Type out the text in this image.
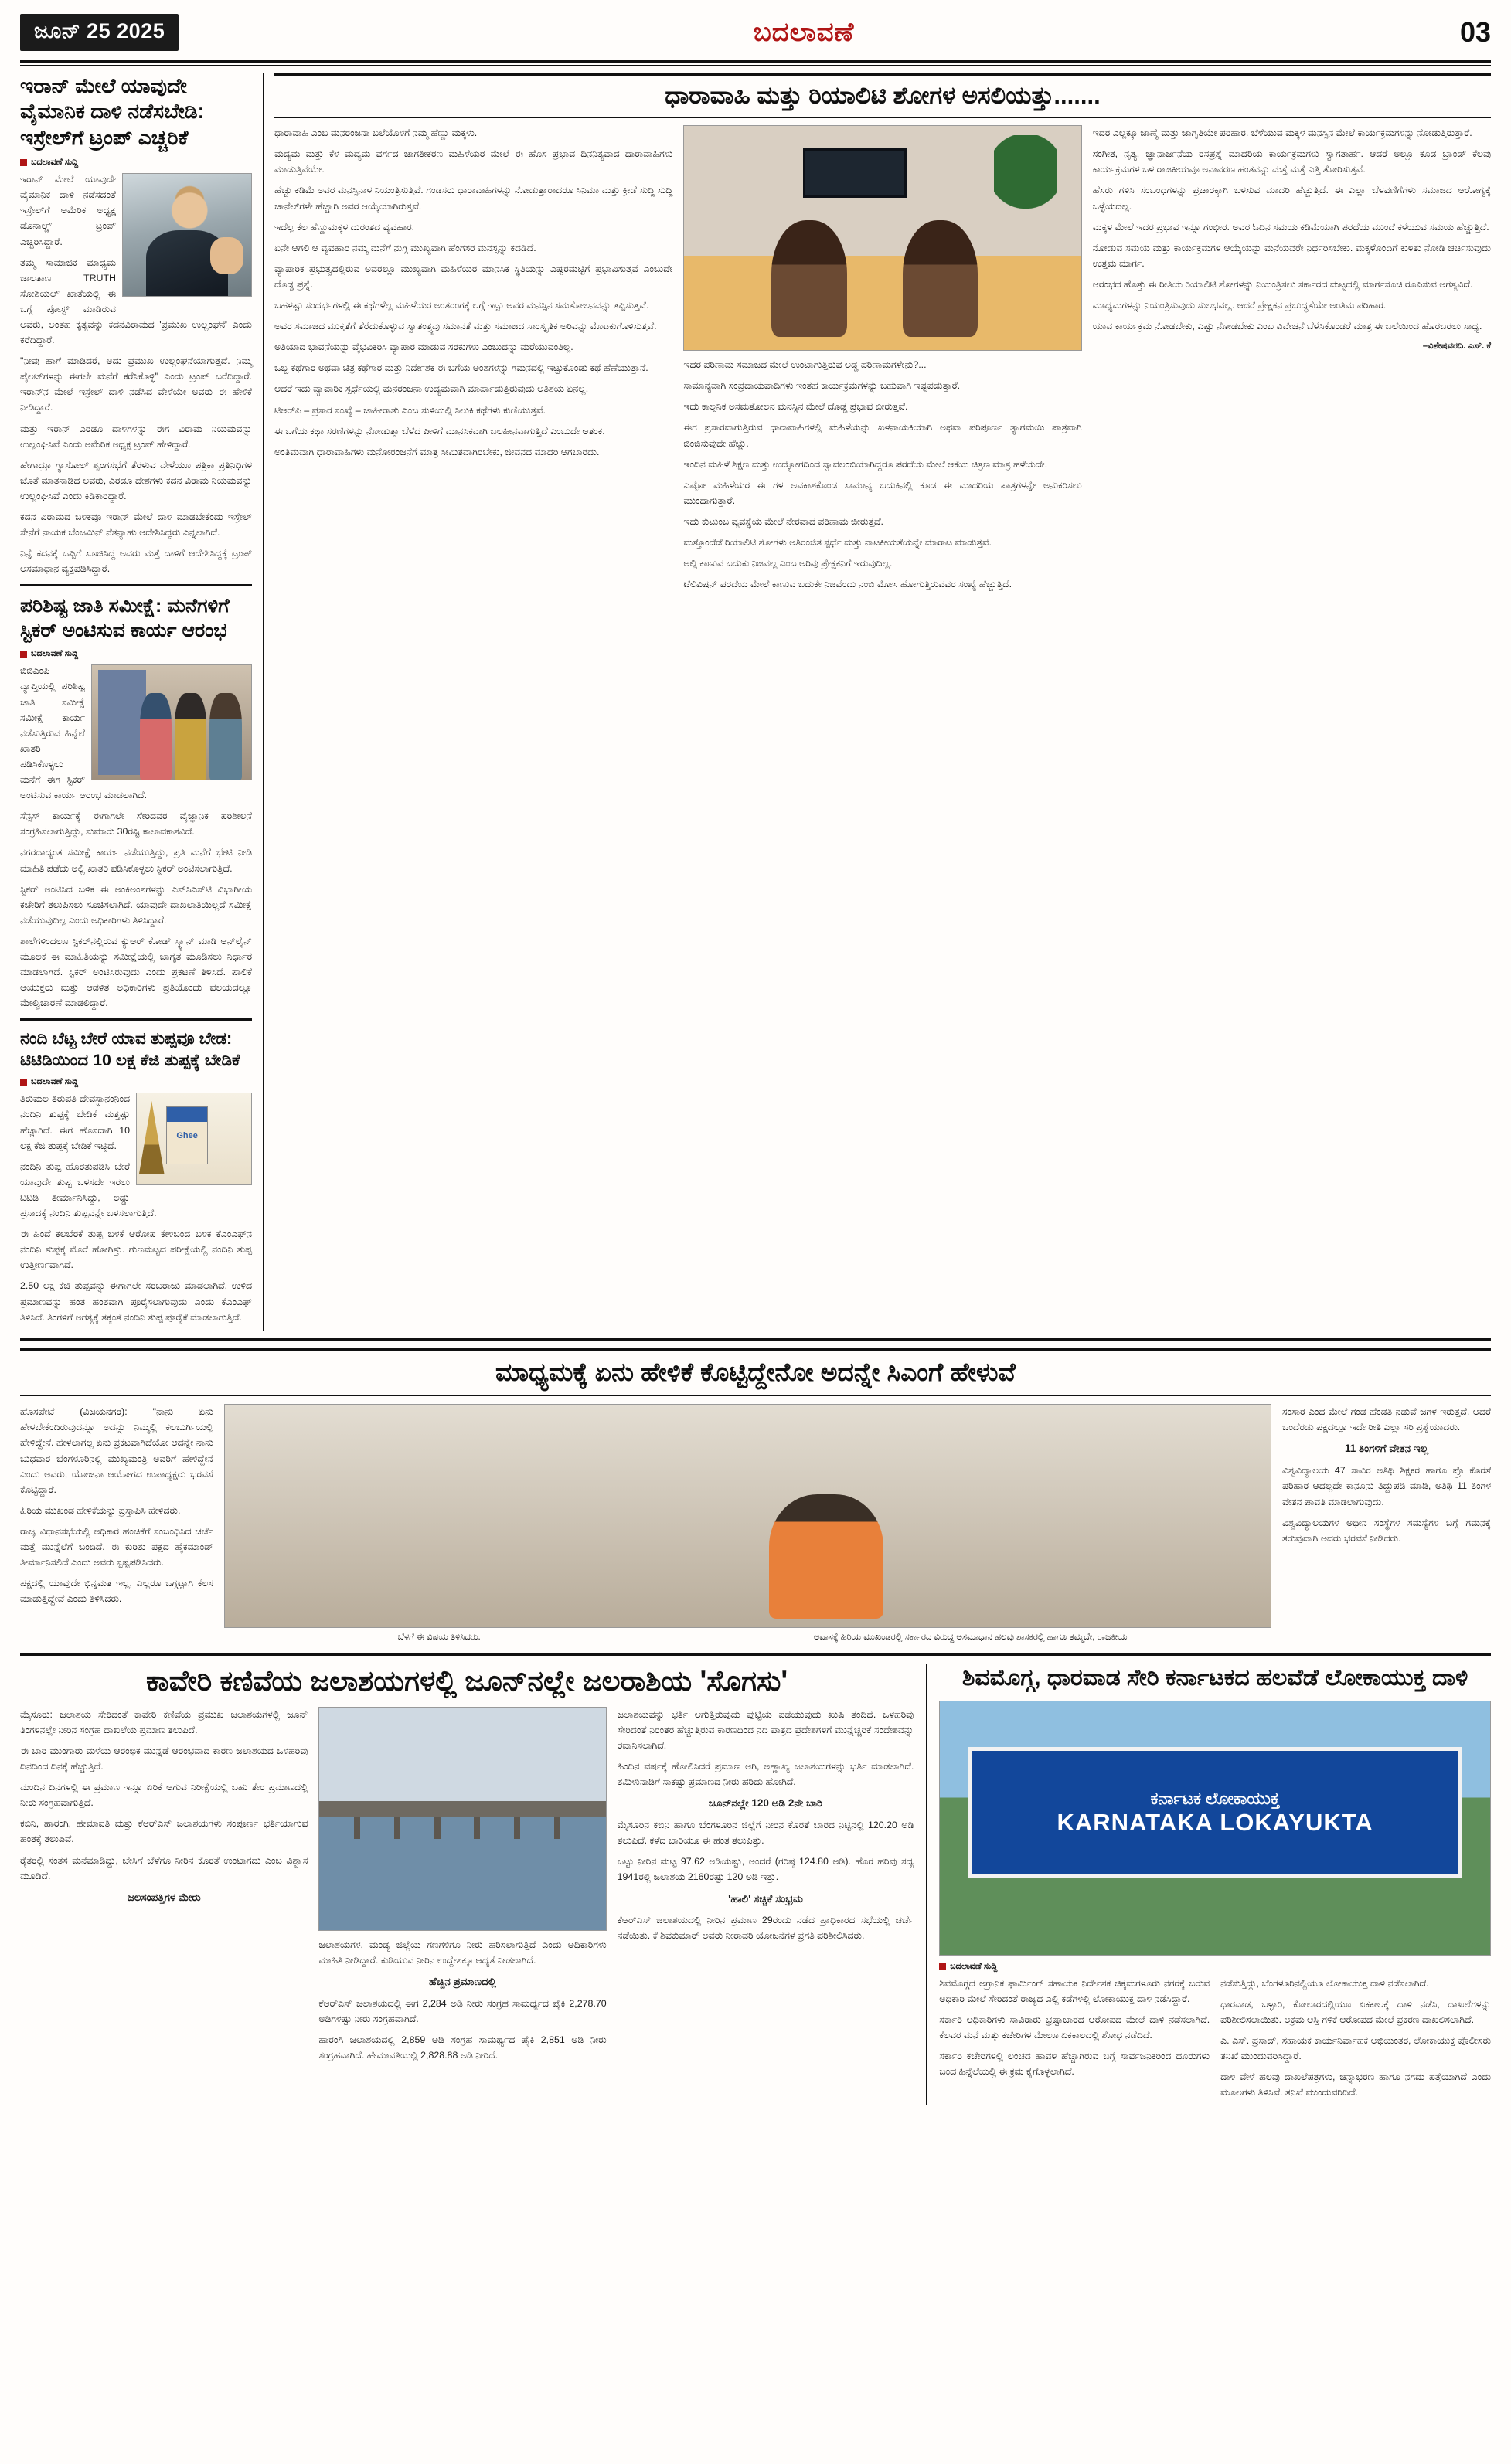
ಜೂನ್ 25 2025	ಬದಲಾವಣೆ	03
ಇರಾನ್ ಮೇಲೆ ಯಾವುದೇ ವೈಮಾನಿಕ ದಾಳಿ ನಡೆಸಬೇಡಿ: ಇಸ್ರೇಲ್‌ಗೆ ಟ್ರಂಪ್ ಎಚ್ಚರಿಕೆ
ಬದಲಾವಣೆ ಸುದ್ದಿ

ಇರಾನ್ ಮೇಲೆ ಯಾವುದೇ ವೈಮಾನಿಕ ದಾಳಿ ನಡೆಸದಂತೆ ಇಸ್ರೇಲ್‌ಗೆ ಅಮೆರಿಕ ಅಧ್ಯಕ್ಷ ಡೊನಾಲ್ಡ್ ಟ್ರಂಪ್ ಎಚ್ಚರಿಸಿದ್ದಾರೆ.

ತಮ್ಮ ಸಾಮಾಜಿಕ ಮಾಧ್ಯಮ ಜಾಲತಾಣ TRUTH ಸೋಶಿಯಲ್ ಖಾತೆಯಲ್ಲಿ ಈ ಬಗ್ಗೆ ಪೋಸ್ಟ್ ಮಾಡಿರುವ ಅವರು, ಅಂತಹ ಕೃತ್ಯವನ್ನು ಕದನವಿರಾಮದ 'ಪ್ರಮುಖ ಉಲ್ಲಂಘನೆ' ಎಂದು ಕರೆದಿದ್ದಾರೆ.

"ನೀವು ಹಾಗೆ ಮಾಡಿದರೆ, ಅದು ಪ್ರಮುಖ ಉಲ್ಲಂಘನೆಯಾಗುತ್ತದೆ. ನಿಮ್ಮ ಪೈಲಟ್‌ಗಳನ್ನು ಈಗಲೇ ಮನೆಗೆ ಕರೆಸಿಕೊಳ್ಳಿ" ಎಂದು ಟ್ರಂಪ್ ಬರೆದಿದ್ದಾರೆ. ಇರಾನ್‌ನ ಮೇಲೆ ಇಸ್ರೇಲ್ ದಾಳಿ ನಡೆಸಿದ ವೇಳೆಯೇ ಅವರು ಈ ಹೇಳಿಕೆ ನೀಡಿದ್ದಾರೆ.

ಮತ್ತು ಇರಾನ್ ಎರಡೂ ದಾಳಿಗಳನ್ನು ಈಗ ವಿರಾಮ ನಿಯಮವನ್ನು ಉಲ್ಲಂಘಿಸಿವೆ ಎಂದು ಅಮೆರಿಕ ಅಧ್ಯಕ್ಷ ಟ್ರಂಪ್ ಹೇಳಿದ್ದಾರೆ.

ಹೇಗಾದ್ರೂ ಗ್ಯಾಸೋಲ್ ಶೃಂಗಸಭೆಗೆ ತೆರಳುವ ವೇಳೆಯೂ ಪತ್ರಿಕಾ ಪ್ರತಿನಿಧಿಗಳ ಜೊತೆ ಮಾತನಾಡಿದ ಅವರು, ಎರಡೂ ದೇಶಗಳು ಕದನ ವಿರಾಮ ನಿಯಮವನ್ನು ಉಲ್ಲಂಘಿಸಿವೆ ಎಂದು ಕಿಡಿಕಾರಿದ್ದಾರೆ.

ಕದನ ವಿರಾಮದ ಬಳಿಕವೂ ಇರಾನ್ ಮೇಲೆ ದಾಳಿ ಮಾಡಬೇಕೆಂದು ಇಸ್ರೇಲ್ ಸೇನೆಗೆ ನಾಯಕ ಬೆಂಜಮಿನ್ ನೆತನ್ಯಾಹು ಆದೇಶಿಸಿದ್ದರು ಎನ್ನಲಾಗಿದೆ.

ನಿನ್ನೆ ಕದನಕ್ಕೆ ಒಪ್ಪಿಗೆ ಸೂಚಿಸಿದ್ದ ಅವರು ಮತ್ತೆ ದಾಳಿಗೆ ಆದೇಶಿಸಿದ್ದಕ್ಕೆ ಟ್ರಂಪ್ ಅಸಮಾಧಾನ ವ್ಯಕ್ತಪಡಿಸಿದ್ದಾರೆ.

ಪರಿಶಿಷ್ಟ ಜಾತಿ ಸಮೀಕ್ಷೆ: ಮನೆಗಳಿಗೆ ಸ್ಟಿಕರ್ ಅಂಟಿಸುವ ಕಾರ್ಯ ಆರಂಭ
ಬದಲಾವಣೆ ಸುದ್ದಿ

ಬಿಬಿಎಂಪಿ ವ್ಯಾಪ್ತಿಯಲ್ಲಿ ಪರಿಶಿಷ್ಟ ಜಾತಿ ಸಮೀಕ್ಷೆ ಸಮೀಕ್ಷೆ ಕಾರ್ಯ ನಡೆಸುತ್ತಿರುವ ಹಿನ್ನೆಲೆ ಖಾತರಿ ಪಡಿಸಿಕೊಳ್ಳಲು ಮನೆಗೆ ಈಗ ಸ್ಟಿಕರ್ ಅಂಟಿಸುವ ಕಾರ್ಯ ಆರಂಭ ಮಾಡಲಾಗಿದೆ.

ಸೆನ್ಸಸ್ ಕಾರ್ಯಕ್ಕೆ ಈಗಾಗಲೇ ಸೇರಿದವರ ವೈಜ್ಞಾನಿಕ ಪರಿಶೀಲನೆ ಸಂಗ್ರಹಿಸಲಾಗುತ್ತಿದ್ದು, ಸುಮಾರು 30ರಷ್ಟಿ ಕಾಲಾವಕಾಶವಿದೆ.

ನಗರದಾದ್ಯಂತ ಸಮೀಕ್ಷೆ ಕಾರ್ಯ ನಡೆಯುತ್ತಿದ್ದು, ಪ್ರತಿ ಮನೆಗೆ ಭೇಟಿ ನೀಡಿ ಮಾಹಿತಿ ಪಡೆದು ಅಲ್ಲಿ ಖಾತರಿ ಪಡಿಸಿಕೊಳ್ಳಲು ಸ್ಟಿಕರ್ ಅಂಟಿಸಲಾಗುತ್ತಿದೆ.

ಸ್ಟಿಕರ್ ಅಂಟಿಸಿದ ಬಳಿಕ ಈ ಅಂಕಿಅಂಶಗಳನ್ನು ಎಸ್‌ಸಿಎಸ್‌ಟಿ ವಿಭಾಗೀಯ ಕಚೇರಿಗೆ ತಲುಪಿಸಲು ಸೂಚಿಸಲಾಗಿದೆ. ಯಾವುದೇ ದಾಖಲಾತಿಯಿಲ್ಲದೆ ಸಮೀಕ್ಷೆ ನಡೆಯುವುದಿಲ್ಲ ಎಂದು ಅಧಿಕಾರಿಗಳು ತಿಳಿಸಿದ್ದಾರೆ.

ಶಾಲೆಗಳಿಂದಲೂ ಸ್ಟಿಕರ್‌ನಲ್ಲಿರುವ ಕ್ಯುಆರ್ ಕೋಡ್ ಸ್ಕ್ಯಾನ್ ಮಾಡಿ ಆನ್‌ಲೈನ್ ಮೂಲಕ ಈ ಮಾಹಿತಿಯನ್ನು ಸಮೀಕ್ಷೆಯಲ್ಲಿ ಜಾಗೃತ ಮೂಡಿಸಲು ನಿರ್ಧಾರ ಮಾಡಲಾಗಿದೆ. ಸ್ಟಿಕರ್ ಅಂಟಿಸಿರುವುದು ಎಂದು ಪ್ರಕಟಣೆ ತಿಳಿಸಿದೆ. ಪಾಲಿಕೆ ಆಯುಕ್ತರು ಮತ್ತು ಆಡಳಿತ ಅಧಿಕಾರಿಗಳು ಪ್ರತಿಯೊಂದು ವಲಯದಲ್ಲೂ ಮೇಲ್ವಿಚಾರಣೆ ಮಾಡಲಿದ್ದಾರೆ.

ನಂದಿ ಬೆಟ್ಟ ಬೇರೆ ಯಾವ ತುಪ್ಪವೂ ಬೇಡ: ಟಿಟಿಡಿಯಿಂದ 10 ಲಕ್ಷ ಕೆಜಿ ತುಪ್ಪಕ್ಕೆ ಬೇಡಿಕೆ
ಬದಲಾವಣೆ ಸುದ್ದಿ
Ghee

ತಿರುಮಲ ತಿರುಪತಿ ದೇವಸ್ಥಾನಂನಿಂದ ನಂದಿನಿ ತುಪ್ಪಕ್ಕೆ ಬೇಡಿಕೆ ಮತ್ತಷ್ಟು ಹೆಚ್ಚಾಗಿದೆ. ಈಗ ಹೊಸದಾಗಿ 10 ಲಕ್ಷ ಕೆಜಿ ತುಪ್ಪಕ್ಕೆ ಬೇಡಿಕೆ ಇಟ್ಟಿದೆ.

ನಂದಿನಿ ತುಪ್ಪ ಹೊರತುಪಡಿಸಿ ಬೇರೆ ಯಾವುದೇ ತುಪ್ಪ ಬಳಸದೇ ಇರಲು ಟಿಟಿಡಿ ತೀರ್ಮಾನಿಸಿದ್ದು, ಲಡ್ಡು ಪ್ರಸಾದಕ್ಕೆ ನಂದಿನಿ ತುಪ್ಪವನ್ನೇ ಬಳಸಲಾಗುತ್ತಿದೆ.

ಈ ಹಿಂದೆ ಕಲಬೆರಕೆ ತುಪ್ಪ ಬಳಕೆ ಆರೋಪ ಕೇಳಿಬಂದ ಬಳಿಕ ಕೆಎಂಎಫ್‌ನ ನಂದಿನಿ ತುಪ್ಪಕ್ಕೆ ಮೊರೆ ಹೋಗಿತ್ತು. ಗುಣಮಟ್ಟದ ಪರೀಕ್ಷೆಯಲ್ಲಿ ನಂದಿನಿ ತುಪ್ಪ ಉತ್ತೀರ್ಣವಾಗಿದೆ.

2.50 ಲಕ್ಷ ಕೆಜಿ ತುಪ್ಪವನ್ನು ಈಗಾಗಲೇ ಸರಬರಾಜು ಮಾಡಲಾಗಿದೆ. ಉಳಿದ ಪ್ರಮಾಣವನ್ನು ಹಂತ ಹಂತವಾಗಿ ಪೂರೈಸಲಾಗುವುದು ಎಂದು ಕೆಎಂಎಫ್ ತಿಳಿಸಿದೆ. ತಿಂಗಳಿಗೆ ಅಗತ್ಯಕ್ಕೆ ತಕ್ಕಂತೆ ನಂದಿನಿ ತುಪ್ಪ ಪೂರೈಕೆ ಮಾಡಲಾಗುತ್ತಿದೆ.

ಧಾರಾವಾಹಿ ಮತ್ತು ರಿಯಾಲಿಟಿ ಶೋಗಳ ಅಸಲಿಯತ್ತು.......

ಧಾರಾವಾಹಿ ಎಂಬ ಮನರಂಜನಾ ಬಲೆಯೊಳಗೆ ನಮ್ಮ ಹೆಣ್ಣು ಮಕ್ಕಳು.

ಮದ್ಯಮ ಮತ್ತು ಕೆಳ ಮದ್ಯಮ ವರ್ಗದ ಜಾಗತೀಕರಣ ಮಹಿಳೆಯರ ಮೇಲೆ ಈ ಹೊಸ ಪ್ರಭಾವ ದಿನನಿತ್ಯವಾದ ಧಾರಾವಾಹಿಗಳು ಮಾಡುತ್ತಿವೆಯೇ.

ಹೆಚ್ಚು ಕಡಿಮೆ ಅವರ ಮನಸ್ಸಿನಾಳ ನಿಯಂತ್ರಿಸುತ್ತಿವೆ. ಗಂಡಸರು ಧಾರಾವಾಹಿಗಳನ್ನು ನೋಡುತ್ತಾರಾದರೂ ಸಿನಿಮಾ ಮತ್ತು ಕ್ರೀಡೆ ಸುದ್ದಿ ಸುದ್ದಿ ಚಾನೆಲ್‌ಗಳೇ ಹೆಚ್ಚಾಗಿ ಅವರ ಆಯ್ಕೆಯಾಗಿರುತ್ತವೆ.

ಇದೆಲ್ಲ ಕೆಲ ಹೆಣ್ಣುಮಕ್ಕಳ ದುರಂತದ ವ್ಯವಹಾರ.

ಏನೇ ಆಗಲಿ ಆ ವ್ಯವಹಾರ ನಮ್ಮ ಮನೆಗೆ ನುಗ್ಗಿ ಮುಖ್ಯವಾಗಿ ಹೆಂಗಸರ ಮನಸ್ಸನ್ನು ಕದಡಿದೆ.

ವ್ಯಾಪಾರಿಕ ಪ್ರಭುತ್ವದಲ್ಲಿರುವ ಅವರಲ್ಲೂ ಮುಖ್ಯವಾಗಿ ಮಹಿಳೆಯರ ಮಾನಸಿಕ ಸ್ಥಿತಿಯನ್ನು ಎಷ್ಟರಮಟ್ಟಿಗೆ ಪ್ರಭಾವಿಸುತ್ತವೆ ಎಂಬುದೇ ದೊಡ್ಡ ಪ್ರಶ್ನೆ.

ಬಹಳಷ್ಟು ಸಂದರ್ಭಗಳಲ್ಲಿ ಈ ಕಥೆಗಳೆಲ್ಲ ಮಹಿಳೆಯರ ಅಂತರಂಗಕ್ಕೆ ಲಗ್ಗೆ ಇಟ್ಟು ಅವರ ಮನಸ್ಸಿನ ಸಮತೋಲನವನ್ನು ತಪ್ಪಿಸುತ್ತವೆ.

ಅವರ ಸಮಾಜದ ಮುಕ್ತತೆಗೆ ತೆರೆದುಕೊಳ್ಳುವ ಸ್ವಾತಂತ್ರ್ಯವು ಸಮಾನತೆ ಮತ್ತು ಸಮಾಜದ ಸಾಂಸ್ಕೃತಿಕ ಅರಿವನ್ನು ಮೊಟಕುಗೊಳಿಸುತ್ತವೆ.

ಅತಿಯಾದ ಭಾವನೆಯನ್ನು ವೈಭವಿಕರಿಸಿ ವ್ಯಾಪಾರ ಮಾಡುವ ಸರಕುಗಳು ಎಂಬುದನ್ನು ಮರೆಯುವಂತಿಲ್ಲ.

ಒಬ್ಬ ಕಥೆಗಾರ ಅಥವಾ ಚಿತ್ರ ಕಥೆಗಾರ ಮತ್ತು ನಿರ್ದೇಶಕ ಈ ಬಗೆಯ ಅಂಶಗಳನ್ನು ಗಮನದಲ್ಲಿ ಇಟ್ಟುಕೊಂಡು ಕಥೆ ಹೆಣೆಯುತ್ತಾನೆ.

ಆದರೆ ಇದು ವ್ಯಾಪಾರಿಕ ಸ್ಪರ್ಧೆಯಲ್ಲಿ ಮನರಂಜನಾ ಉದ್ಯಮವಾಗಿ ಮಾರ್ಪಾಡುತ್ತಿರುವುದು ಅತಿಶಯ ಏನಲ್ಲ.

ಟಿಆರ್‌ಪಿ – ಪ್ರಸಾರ ಸಂಖ್ಯೆ – ಜಾಹೀರಾತು ಎಂಬ ಸುಳಿಯಲ್ಲಿ ಸಿಲುಕಿ ಕಥೆಗಳು ಕುಣಿಯುತ್ತವೆ.

ಈ ಬಗೆಯ ಕಥಾ ಸರಣಿಗಳನ್ನು ನೋಡುತ್ತಾ ಬೆಳೆದ ಪೀಳಿಗೆ ಮಾನಸಿಕವಾಗಿ ಬಲಹೀನವಾಗುತ್ತಿದೆ ಎಂಬುದೇ ಆತಂಕ.

ಅಂತಿಮವಾಗಿ ಧಾರಾವಾಹಿಗಳು ಮನೋರಂಜನೆಗೆ ಮಾತ್ರ ಸೀಮಿತವಾಗಿರಬೇಕು, ಜೀವನದ ಮಾದರಿ ಆಗಬಾರದು.

ಇದರ ಪರಿಣಾಮ ಸಮಾಜದ ಮೇಲೆ ಉಂಟಾಗುತ್ತಿರುವ ಅಡ್ಡ ಪರಿಣಾಮಗಳೇನು?...

ಸಾಮಾನ್ಯವಾಗಿ ಸಂಪ್ರದಾಯವಾದಿಗಳು ಇಂತಹ ಕಾರ್ಯಕ್ರಮಗಳನ್ನು ಬಹುವಾಗಿ ಇಷ್ಟಪಡುತ್ತಾರೆ.

ಇದು ಕಾಲ್ಪನಿಕ ಅಸಮತೋಲನ ಮನಸ್ಸಿನ ಮೇಲೆ ದೊಡ್ಡ ಪ್ರಭಾವ ಬೀರುತ್ತವೆ.

ಈಗ ಪ್ರಸಾರವಾಗುತ್ತಿರುವ ಧಾರಾವಾಹಿಗಳಲ್ಲಿ ಮಹಿಳೆಯನ್ನು ಖಳನಾಯಕಿಯಾಗಿ ಅಥವಾ ಪರಿಪೂರ್ಣ ತ್ಯಾಗಮಯಿ ಪಾತ್ರವಾಗಿ ಬಿಂಬಿಸುವುದೇ ಹೆಚ್ಚು.

ಇಂದಿನ ಮಹಿಳೆ ಶಿಕ್ಷಣ ಮತ್ತು ಉದ್ಯೋಗದಿಂದ ಸ್ವಾವಲಂಬಿಯಾಗಿದ್ದರೂ ಪರದೆಯ ಮೇಲೆ ಆಕೆಯ ಚಿತ್ರಣ ಮಾತ್ರ ಹಳೆಯದೇ.

ಎಷ್ಟೋ ಮಹಿಳೆಯರ ಈ ಗಳ ಅವಕಾಶಕೊಂಡ ಸಾಮಾನ್ಯ ಬದುಕಿನಲ್ಲಿ ಕೂಡ ಈ ಮಾದರಿಯ ಪಾತ್ರಗಳನ್ನೇ ಅನುಕರಿಸಲು ಮುಂದಾಗುತ್ತಾರೆ.

ಇದು ಕುಟುಂಬ ವ್ಯವಸ್ಥೆಯ ಮೇಲೆ ನೇರವಾದ ಪರಿಣಾಮ ಬೀರುತ್ತದೆ.

ಮತ್ತೊಂದೆಡೆ ರಿಯಾಲಿಟಿ ಶೋಗಳು ಅತಿರಂಜಿತ ಸ್ಪರ್ಧೆ ಮತ್ತು ನಾಟಕೀಯತೆಯನ್ನೇ ಮಾರಾಟ ಮಾಡುತ್ತವೆ.

ಅಲ್ಲಿ ಕಾಣುವ ಬದುಕು ನಿಜವಲ್ಲ ಎಂಬ ಅರಿವು ಪ್ರೇಕ್ಷಕನಿಗೆ ಇರುವುದಿಲ್ಲ.

ಟೆಲಿವಿಷನ್ ಪರದೆಯ ಮೇಲೆ ಕಾಣುವ ಬದುಕೇ ನಿಜವೆಂದು ನಂಬಿ ಮೋಸ ಹೋಗುತ್ತಿರುವವರ ಸಂಖ್ಯೆ ಹೆಚ್ಚುತ್ತಿದೆ.

ಇದರ ಎಲ್ಲಕ್ಕೂ ಜಾಣ್ಮೆ ಮತ್ತು ಜಾಗೃತಿಯೇ ಪರಿಹಾರ. ಬೆಳೆಯುವ ಮಕ್ಕಳ ಮನಸ್ಸಿನ ಮೇಲೆ ಕಾರ್ಯಕ್ರಮಗಳನ್ನು ನೋಡುತ್ತಿರುತ್ತಾರೆ.

ಸಂಗೀತ, ನೃತ್ಯ, ಜ್ಞಾನಾರ್ಜನೆಯ ರಸಪ್ರಶ್ನೆ ಮಾದರಿಯ ಕಾರ್ಯಕ್ರಮಗಳು ಸ್ವಾಗತಾರ್ಹ. ಆದರೆ ಅಲ್ಲೂ ಕೂಡ ಬ್ರಾಂಡ್ ಕೆಲವು ಕಾರ್ಯಕ್ರಮಗಳ ಒಳ ರಾಜಕೀಯವೂ ಅನಾವರಣ ಹಂತವನ್ನು ಮತ್ತೆ ಮತ್ತೆ ಎತ್ತಿ ತೋರಿಸುತ್ತವೆ.

ಹೆಸರು ಗಳಿಸಿ ಸಂಬಂಧಗಳನ್ನು ಪ್ರಚಾರಕ್ಕಾಗಿ ಬಳಸುವ ಮಾದರಿ ಹೆಚ್ಚುತ್ತಿದೆ. ಈ ಎಲ್ಲಾ ಬೆಳವಣಿಗೆಗಳು ಸಮಾಜದ ಆರೋಗ್ಯಕ್ಕೆ ಒಳ್ಳೆಯದಲ್ಲ.

ಮಕ್ಕಳ ಮೇಲೆ ಇದರ ಪ್ರಭಾವ ಇನ್ನೂ ಗಂಭೀರ. ಅವರ ಓದಿನ ಸಮಯ ಕಡಿಮೆಯಾಗಿ ಪರದೆಯ ಮುಂದೆ ಕಳೆಯುವ ಸಮಯ ಹೆಚ್ಚುತ್ತಿದೆ.

ನೋಡುವ ಸಮಯ ಮತ್ತು ಕಾರ್ಯಕ್ರಮಗಳ ಆಯ್ಕೆಯನ್ನು ಮನೆಯವರೇ ನಿರ್ಧರಿಸಬೇಕು. ಮಕ್ಕಳೊಂದಿಗೆ ಕುಳಿತು ನೋಡಿ ಚರ್ಚಿಸುವುದು ಉತ್ತಮ ಮಾರ್ಗ.

ಆರಂಭದ ಹೊತ್ತು ಈ ರೀತಿಯ ರಿಯಾಲಿಟಿ ಶೋಗಳನ್ನು ನಿಯಂತ್ರಿಸಲು ಸರ್ಕಾರದ ಮಟ್ಟದಲ್ಲಿ ಮಾರ್ಗಸೂಚಿ ರೂಪಿಸುವ ಅಗತ್ಯವಿದೆ.

ಮಾಧ್ಯಮಗಳನ್ನು ನಿಯಂತ್ರಿಸುವುದು ಸುಲಭವಲ್ಲ. ಆದರೆ ಪ್ರೇಕ್ಷಕನ ಪ್ರಬುದ್ಧತೆಯೇ ಅಂತಿಮ ಪರಿಹಾರ.

ಯಾವ ಕಾರ್ಯಕ್ರಮ ನೋಡಬೇಕು, ಎಷ್ಟು ನೋಡಬೇಕು ಎಂಬ ವಿವೇಚನೆ ಬೆಳೆಸಿಕೊಂಡರೆ ಮಾತ್ರ ಈ ಬಲೆಯಿಂದ ಹೊರಬರಲು ಸಾಧ್ಯ.

–ವಿಶೇಷವರದಿ. ಎಸ್. ಕೆ
ಮಾಧ್ಯಮಕ್ಕೆ ಏನು ಹೇಳಿಕೆ ಕೊಟ್ಟಿದ್ದೇನೋ ಅದನ್ನೇ ಸಿಎಂಗೆ ಹೇಳುವೆ

ಹೊಸಪೇಟೆ (ವಿಜಯನಗರ): "ನಾನು ಏನು ಹೇಳಬೇಕೆಂದಿರುವುದನ್ನೂ ಅದನ್ನು ನಿಮ್ಮಲ್ಲಿ ಕಲಬುರ್ಗಿಯಲ್ಲಿ ಹೇಳಿದ್ದೇನೆ. ಹೇಳಲಾಗಲ್ಲ ಏನು ಪ್ರಕಟವಾಗಿದೆಯೋ ಆದನ್ನೇ ನಾನು ಬುಧವಾರ ಬೆಂಗಳೂರಿನಲ್ಲಿ ಮುಖ್ಯಮಂತ್ರಿ ಅವರಿಗೆ ಹೇಳಿದ್ದೇನೆ ಎಂದು ಅವರು, ಯೋಜನಾ ಆಯೋಗದ ಉಪಾಧ್ಯಕ್ಷರು ಭರವಸೆ ಕೊಟ್ಟಿದ್ದಾರೆ.

ಹಿರಿಯ ಮುಖಂಡ ಹೇಳಿಕೆಯನ್ನು ಪ್ರಸ್ತಾಪಿಸಿ ಹೇಳಿದರು.

ರಾಜ್ಯ ವಿಧಾನಸಭೆಯಲ್ಲಿ ಅಧಿಕಾರ ಹಂಚಿಕೆಗೆ ಸಂಬಂಧಿಸಿದ ಚರ್ಚೆ ಮತ್ತೆ ಮುನ್ನೆಲೆಗೆ ಬಂದಿದೆ. ಈ ಕುರಿತು ಪಕ್ಷದ ಹೈಕಮಾಂಡ್ ತೀರ್ಮಾನಿಸಲಿದೆ ಎಂದು ಅವರು ಸ್ಪಷ್ಟಪಡಿಸಿದರು.

ಪಕ್ಷದಲ್ಲಿ ಯಾವುದೇ ಭಿನ್ನಮತ ಇಲ್ಲ, ಎಲ್ಲರೂ ಒಗ್ಗಟ್ಟಾಗಿ ಕೆಲಸ ಮಾಡುತ್ತಿದ್ದೇವೆ ಎಂದು ತಿಳಿಸಿದರು.

ಬೆಳಗೆ ಈ ವಿಷಯ ತಿಳಿಸಿದರು.	ಆವಾಸಕ್ಕೆ ಹಿರಿಯ ಮುಖಂಡರಲ್ಲಿ ಸರ್ಕಾರದ ವಿರುದ್ಧ ಅಸಮಾಧಾನ ಹಲವು ಶಾಸಕರಲ್ಲಿ ಹಾಗೂ ತಮ್ಮದೇ, ರಾಜಕೀಯ

ಸಂಸಾರ ಎಂದ ಮೇಲೆ ಗಂಡ ಹೆಂಡತಿ ನಡುವೆ ಜಗಳ ಇರುತ್ತದೆ. ಆದರೆ ಒಂದೆರಡು ಪಕ್ಷದಲ್ಲೂ ಇದೇ ರೀತಿ ಎಲ್ಲಾ ಸರಿ ಪ್ರಶ್ನೆಯಾದರು.

11 ತಿಂಗಳಿಗೆ ವೇತನ ಇಲ್ಲ

ವಿಶ್ವವಿದ್ಯಾಲಯ 47 ಸಾವಿರ ಅತಿಥಿ ಶಿಕ್ಷಕರ ಹಾಗೂ ಪ್ರೊ ಕೊರತೆ ಪರಿಹಾರ ಆದಲ್ಲದೇ ಕಾನೂನು ತಿದ್ದುಪಡಿ ಮಾಡಿ, ಅತಿಥಿ 11 ತಿಂಗಳ ವೇತನ ಪಾವತಿ ಮಾಡಲಾಗುವುದು.

ವಿಶ್ವವಿದ್ಯಾಲಯಗಳ ಅಧೀನ ಸಂಸ್ಥೆಗಳ ಸಮಸ್ಯೆಗಳ ಬಗ್ಗೆ ಗಮನಕ್ಕೆ ತರುವುದಾಗಿ ಅವರು ಭರವಸೆ ನೀಡಿದರು.

ಕಾವೇರಿ ಕಣಿವೆಯ ಜಲಾಶಯಗಳಲ್ಲಿ ಜೂನ್‌ನಲ್ಲೇ ಜಲರಾಶಿಯ 'ಸೊಗಸು'

ಮೈಸೂರು: ಜಲಾಶಯ ಸೇರಿದಂತೆ ಕಾವೇರಿ ಕಣಿವೆಯ ಪ್ರಮುಖ ಜಲಾಶಯಗಳಲ್ಲಿ ಜೂನ್ ತಿಂಗಳಿನಲ್ಲೇ ನೀರಿನ ಸಂಗ್ರಹ ದಾಖಲೆಯ ಪ್ರಮಾಣ ತಲುಪಿದೆ.

ಈ ಬಾರಿ ಮುಂಗಾರು ಮಳೆಯ ಆರಂಭಿಕ ಮುನ್ನಡೆ ಆರಂಭವಾದ ಕಾರಣ ಜಲಾಶಯದ ಒಳಹರಿವು ದಿನದಿಂದ ದಿನಕ್ಕೆ ಹೆಚ್ಚುತ್ತಿದೆ.

ಮಂದಿನ ದಿನಗಳಲ್ಲಿ ಈ ಪ್ರಮಾಣ ಇನ್ನೂ ಏರಿಕೆ ಆಗುವ ನಿರೀಕ್ಷೆಯಲ್ಲಿ ಬಹು ತೇರ ಪ್ರಮಾಣದಲ್ಲಿ ನೀರು ಸಂಗ್ರಹವಾಗುತ್ತಿದೆ.

ಕಬಿನಿ, ಹಾರಂಗಿ, ಹೇಮಾವತಿ ಮತ್ತು ಕೆಆರ್‌ಎಸ್ ಜಲಾಶಯಗಳು ಸಂಪೂರ್ಣ ಭರ್ತಿಯಾಗುವ ಹಂತಕ್ಕೆ ತಲುಪಿವೆ.

ರೈತರಲ್ಲಿ ಸಂತಸ ಮನೆಮಾಡಿದ್ದು, ಬೇಸಿಗೆ ಬೆಳೆಗೂ ನೀರಿನ ಕೊರತೆ ಉಂಟಾಗದು ಎಂಬ ವಿಶ್ವಾಸ ಮೂಡಿದೆ.

ಜಲಸಂಪತ್ತಿಗಳ ಮೇರು

ಜಲಾಶಯಗಳ, ಮಂಡ್ಯ ಜಿಲ್ಲೆಯ ಗಣಗಳಿಗೂ ನೀರು ಹರಿಸಲಾಗುತ್ತಿದೆ ಎಂದು ಅಧಿಕಾರಿಗಳು ಮಾಹಿತಿ ನೀಡಿದ್ದಾರೆ. ಕುಡಿಯುವ ನೀರಿನ ಉದ್ದೇಶಕ್ಕೂ ಆದ್ಯತೆ ನೀಡಲಾಗಿದೆ.

ಹೆಚ್ಚಿನ ಪ್ರಮಾಣದಲ್ಲಿ

ಕೆಆರ್‌ಎಸ್ ಜಲಾಶಯದಲ್ಲಿ ಈಗ 2,284 ಅಡಿ ನೀರು ಸಂಗ್ರಹ ಸಾಮರ್ಥ್ಯದ ಪೈಕಿ 2,278.70 ಅಡಿಗಳಷ್ಟು ನೀರು ಸಂಗ್ರಹವಾಗಿದೆ.

ಹಾರಂಗಿ ಜಲಾಶಯದಲ್ಲಿ 2,859 ಅಡಿ ಸಂಗ್ರಹ ಸಾಮರ್ಥ್ಯದ ಪೈಕಿ 2,851 ಅಡಿ ನೀರು ಸಂಗ್ರಹವಾಗಿದೆ. ಹೇಮಾವತಿಯಲ್ಲಿ 2,828.88 ಅಡಿ ನೀರಿದೆ.

ಜಲಾಶಯವನ್ನು ಭರ್ತಿ ಆಗುತ್ತಿರುವುದು ಪುಟ್ಟಿಯ ಪಡೆಯುವುದು ಖುಷಿ ತಂದಿದೆ. ಒಳಹರಿವು ಸೇರಿದಂತೆ ನಿರಂತರ ಹೆಚ್ಚುತ್ತಿರುವ ಕಾರಣದಿಂದ ನದಿ ಪಾತ್ರದ ಪ್ರದೇಶಗಳಿಗೆ ಮುನ್ನೆಚ್ಚರಿಕೆ ಸಂದೇಶವನ್ನು ರವಾನಿಸಲಾಗಿದೆ.

ಹಿಂದಿನ ವರ್ಷಕ್ಕೆ ಹೋಲಿಸಿದರೆ ಪ್ರಮಾಣ ಆಗಿ, ಅಣ್ಣಾಖ್ಯ ಜಲಾಶಯಗಳನ್ನು ಭರ್ತಿ ಮಾಡಲಾಗಿದೆ. ತಮಿಳುನಾಡಿಗೆ ಸಾಕಷ್ಟು ಪ್ರಮಾಣದ ನೀರು ಹರಿದು ಹೋಗಿದೆ.

ಜೂನ್‌ನಲ್ಲೇ 120 ಅಡಿ 2ನೇ ಬಾರಿ

ಮೈಸೂರಿನ ಕಬಿನಿ ಹಾಗೂ ಬೆಂಗಳೂರಿನ ಜಿಲ್ಲೆಗೆ ನೀರಿನ ಕೊರತೆ ಬಾರದ ನಿಟ್ಟಿನಲ್ಲಿ 120.20 ಅಡಿ ತಲುಪಿದೆ. ಕಳೆದ ಬಾರಿಯೂ ಈ ಹಂತ ತಲುಪಿತ್ತು.

ಒಟ್ಟು ನೀರಿನ ಮಟ್ಟ 97.62 ಅಡಿಯಷ್ಟು, ಅಂದರೆ (ಗರಿಷ್ಠ 124.80 ಅಡಿ). ಹೊರ ಹರಿವು ಸದ್ಯ 1941ರಲ್ಲಿ ಜಲಾಶಯ 2160ರಷ್ಟು 120 ಅಡಿ ಇತ್ತು.

'ಹಾಲಿ' ಸಚ್ಚಿಕೆ ಸಂಭ್ರಮ

ಕೆಆರ್‌ಎಸ್ ಜಲಾಶಯದಲ್ಲಿ ನೀರಿನ ಪ್ರಮಾಣ 29ರಂದು ನಡೆದ ಪ್ರಾಧಿಕಾರದ ಸಭೆಯಲ್ಲಿ ಚರ್ಚೆ ನಡೆಯಿತು. ಕೆ ಶಿವಕುಮಾರ್ ಅವರು ನೀರಾವರಿ ಯೋಜನೆಗಳ ಪ್ರಗತಿ ಪರಿಶೀಲಿಸಿದರು.

ಶಿವಮೊಗ್ಗ, ಧಾರವಾಡ ಸೇರಿ ಕರ್ನಾಟಕದ ಹಲವೆಡೆ ಲೋಕಾಯುಕ್ತ ದಾಳಿ
ಕರ್ನಾಟಕ ಲೋಕಾಯುಕ್ತ
KARNATAKA LOKAYUKTA
ಬದಲಾವಣೆ ಸುದ್ದಿ

ಶಿವಮೊಗ್ಗದ ಅಗ್ರಾನಿಕ ಫಾರ್ಮಿಂಗ್ ಸಹಾಯಕ ನಿರ್ದೇಶಕ ಚಿಕ್ಕಮಗಳೂರು ನಗರಕ್ಕೆ ಬರುವ ಅಧಿಕಾರಿ ಮೇಲೆ ಸೇರಿದಂತೆ ರಾಜ್ಯದ ಎಲ್ಲಿ ಕಡೆಗಳಲ್ಲಿ ಲೋಕಾಯುಕ್ತ ದಾಳಿ ನಡೆಸಿದ್ದಾರೆ.

ಸರ್ಕಾರಿ ಅಧಿಕಾರಿಗಳು ಸಾವಿರಾರು ಭ್ರಷ್ಟಾಚಾರದ ಆರೋಪದ ಮೇಲೆ ದಾಳಿ ನಡೆಸಲಾಗಿದೆ. ಕೆಲವರ ಮನೆ ಮತ್ತು ಕಚೇರಿಗಳ ಮೇಲೂ ಏಕಕಾಲದಲ್ಲಿ ಶೋಧ ನಡೆದಿದೆ.

ಸರ್ಕಾರಿ ಕಚೇರಿಗಳಲ್ಲಿ ಲಂಚದ ಹಾವಳಿ ಹೆಚ್ಚಾಗಿರುವ ಬಗ್ಗೆ ಸಾರ್ವಜನಿಕರಿಂದ ದೂರುಗಳು ಬಂದ ಹಿನ್ನೆಲೆಯಲ್ಲಿ ಈ ಕ್ರಮ ಕೈಗೊಳ್ಳಲಾಗಿದೆ.

ನಡೆಸುತ್ತಿದ್ದು, ಬೆಂಗಳೂರಿನಲ್ಲಿಯೂ ಲೋಕಾಯುಕ್ತ ದಾಳಿ ನಡೆಸಲಾಗಿದೆ.

ಧಾರವಾಡ, ಬಳ್ಳಾರಿ, ಕೋಲಾರದಲ್ಲಿಯೂ ಏಕಕಾಲಕ್ಕೆ ದಾಳಿ ನಡೆಸಿ, ದಾಖಲೆಗಳನ್ನು ಪರಿಶೀಲಿಸಲಾಯಿತು. ಅಕ್ರಮ ಆಸ್ತಿ ಗಳಿಕೆ ಆರೋಪದ ಮೇಲೆ ಪ್ರಕರಣ ದಾಖಲಿಸಲಾಗಿದೆ.

ಎ. ಎಸ್. ಪ್ರಸಾದ್, ಸಹಾಯಕ ಕಾರ್ಯನಿರ್ವಾಹಕ ಅಭಿಯಂತರ, ಲೋಕಾಯುಕ್ತ ಪೊಲೀಸರು ತನಿಖೆ ಮುಂದುವರಿಸಿದ್ದಾರೆ.

ದಾಳಿ ವೇಳೆ ಹಲವು ದಾಖಲೆಪತ್ರಗಳು, ಚಿನ್ನಾಭರಣ ಹಾಗೂ ನಗದು ಪತ್ತೆಯಾಗಿದೆ ಎಂದು ಮೂಲಗಳು ತಿಳಿಸಿವೆ. ತನಿಖೆ ಮುಂದುವರಿದಿದೆ.
